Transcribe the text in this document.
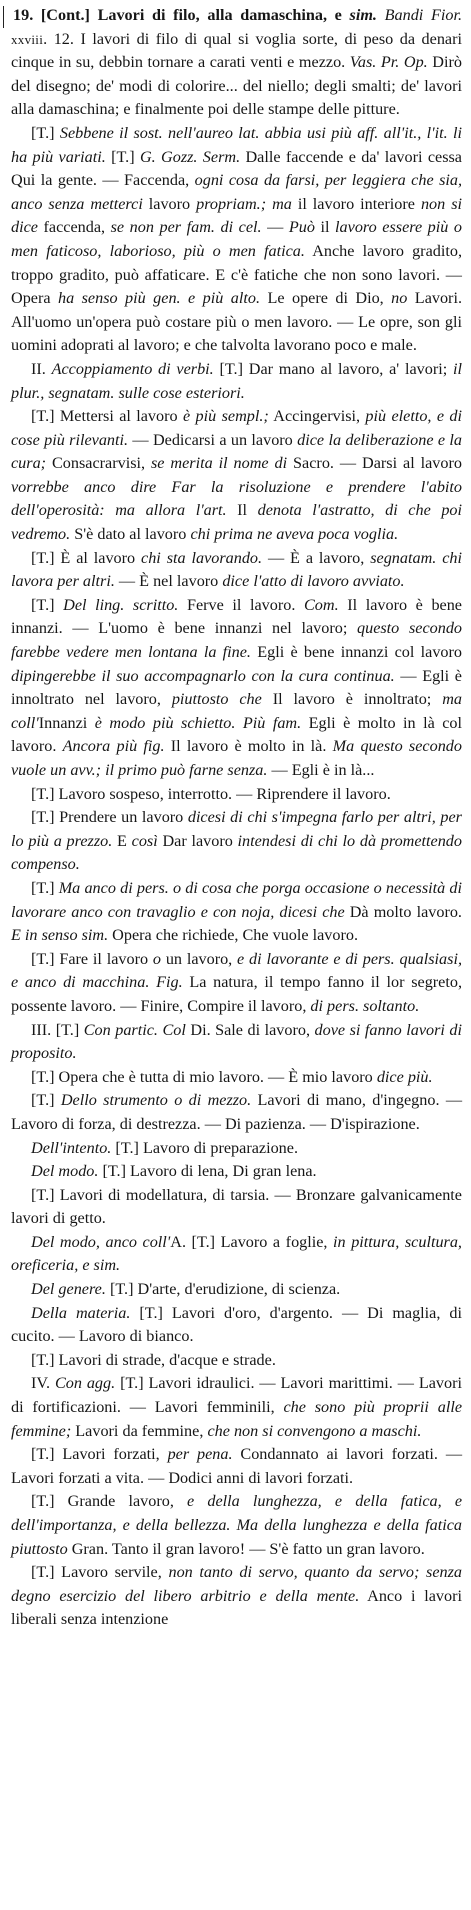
19. [Cont.] Lavori di filo, alla damaschina, e sim. Bandi Fior. xxviii. 12. I lavori di filo di qual si voglia sorte, di peso da denari cinque in su, debbin tornare a carati venti e mezzo. Vas. Pr. Op. Dirò del disegno; de' modi di colorire... del niello; degli smalti; de' lavori alla damaschina; e finalmente poi delle stampe delle pitture.

[T.] Sebbene il sost. nell'aureo lat. abbia usi più aff. all'it., l'it. li ha più variati. [T.] G. Gozz. Serm. Dalle faccende e da' lavori cessa Qui la gente. — Faccenda, ogni cosa da farsi, per leggiera che sia, anco senza metterci lavoro propriam.; ma il lavoro interiore non si dice faccenda, se non per fam. di cel. — Può il lavoro essere più o men faticoso, laborioso, più o men fatica. Anche lavoro gradito, troppo gradito, può affaticare. E c'è fatiche che non sono lavori. — Opera ha senso più gen. e più alto. Le opere di Dio, no Lavori. All'uomo un'opera può costare più o men lavoro. — Le opre, son gli uomini adoprati al lavoro; e che talvolta lavorano poco e male.

II. Accoppiamento di verbi. [T.] Dar mano al lavoro, a' lavori; il plur., segnatam. sulle cose esteriori.

[T.] Mettersi al lavoro è più sempl.; Accingervisi, più eletto, e di cose più rilevanti. — Dedicarsi a un lavoro dice la deliberazione e la cura; Consacrarvisi, se merita il nome di Sacro. — Darsi al lavoro vorrebbe anco dire Far la risoluzione e prendere l'abito dell'operosità: ma allora l'art. Il denota l'astratto, di che poi vedremo. S'è dato al lavoro chi prima ne aveva poca voglia.

[T.] È al lavoro chi sta lavorando. — È a lavoro, segnatam. chi lavora per altri. — È nel lavoro dice l'atto di lavoro avviato.

[T.] Del ling. scritto. Ferve il lavoro. Com. Il lavoro è bene innanzi. — L'uomo è bene innanzi nel lavoro; questo secondo farebbe vedere men lontana la fine. Egli è bene innanzi col lavoro dipingerebbe il suo accompagnarlo con la cura continua. — Egli è innoltrato nel lavoro, piuttosto che Il lavoro è innoltrato; ma coll'Innanzi è modo più schietto. Più fam. Egli è molto in là col lavoro. Ancora più fig. Il lavoro è molto in là. Ma questo secondo vuole un avv.; il primo può farne senza. — Egli è in là...

[T.] Lavoro sospeso, interrotto. — Riprendere il lavoro.

[T.] Prendere un lavoro dicesi di chi s'impegna farlo per altri, per lo più a prezzo. E così Dar lavoro intendesi di chi lo dà promettendo compenso.

[T.] Ma anco di pers. o di cosa che porga occasione o necessità di lavorare anco con travaglio e con noja, dicesi che Dà molto lavoro. E in senso sim. Opera che richiede, Che vuole lavoro.

[T.] Fare il lavoro o un lavoro, e di lavorante e di pers. qualsiasi, e anco di macchina. Fig. La natura, il tempo fanno il lor segreto, possente lavoro. — Finire, Compire il lavoro, di pers. soltanto.

III. [T.] Con partic. Col Di. Sale di lavoro, dove si fanno lavori di proposito.

[T.] Opera che è tutta di mio lavoro. — È mio lavoro dice più.

[T.] Dello strumento o di mezzo. Lavori di mano, d'ingegno. — Lavoro di forza, di destrezza. — Di pazienza. — D'ispirazione.

Dell'intento. [T.] Lavoro di preparazione.

Del modo. [T.] Lavoro di lena, Di gran lena.

[T.] Lavori di modellatura, di tarsia. — Bronzare galvanicamente lavori di getto.

Del modo, anco coll'A. [T.] Lavoro a foglie, in pittura, scultura, oreficeria, e sim.

Del genere. [T.] D'arte, d'erudizione, di scienza.

Della materia. [T.] Lavori d'oro, d'argento. — Di maglia, di cucito. — Lavoro di bianco.

[T.] Lavori di strade, d'acque e strade.

IV. Con agg. [T.] Lavori idraulici. — Lavori marittimi. — Lavori di fortificazioni. — Lavori femminili, che sono più proprii alle femmine; Lavori da femmine, che non si convengono a maschi.

[T.] Lavori forzati, per pena. Condannato ai lavori forzati. — Lavori forzati a vita. — Dodici anni di lavori forzati.

[T.] Grande lavoro, e della lunghezza, e della fatica, e dell'importanza, e della bellezza. Ma della lunghezza e della fatica piuttosto Gran. Tanto il gran lavoro! — S'è fatto un gran lavoro.

[T.] Lavoro servile, non tanto di servo, quanto da servo; senza degno esercizio del libero arbitrio e della mente. Anco i lavori liberali senza intenzione
